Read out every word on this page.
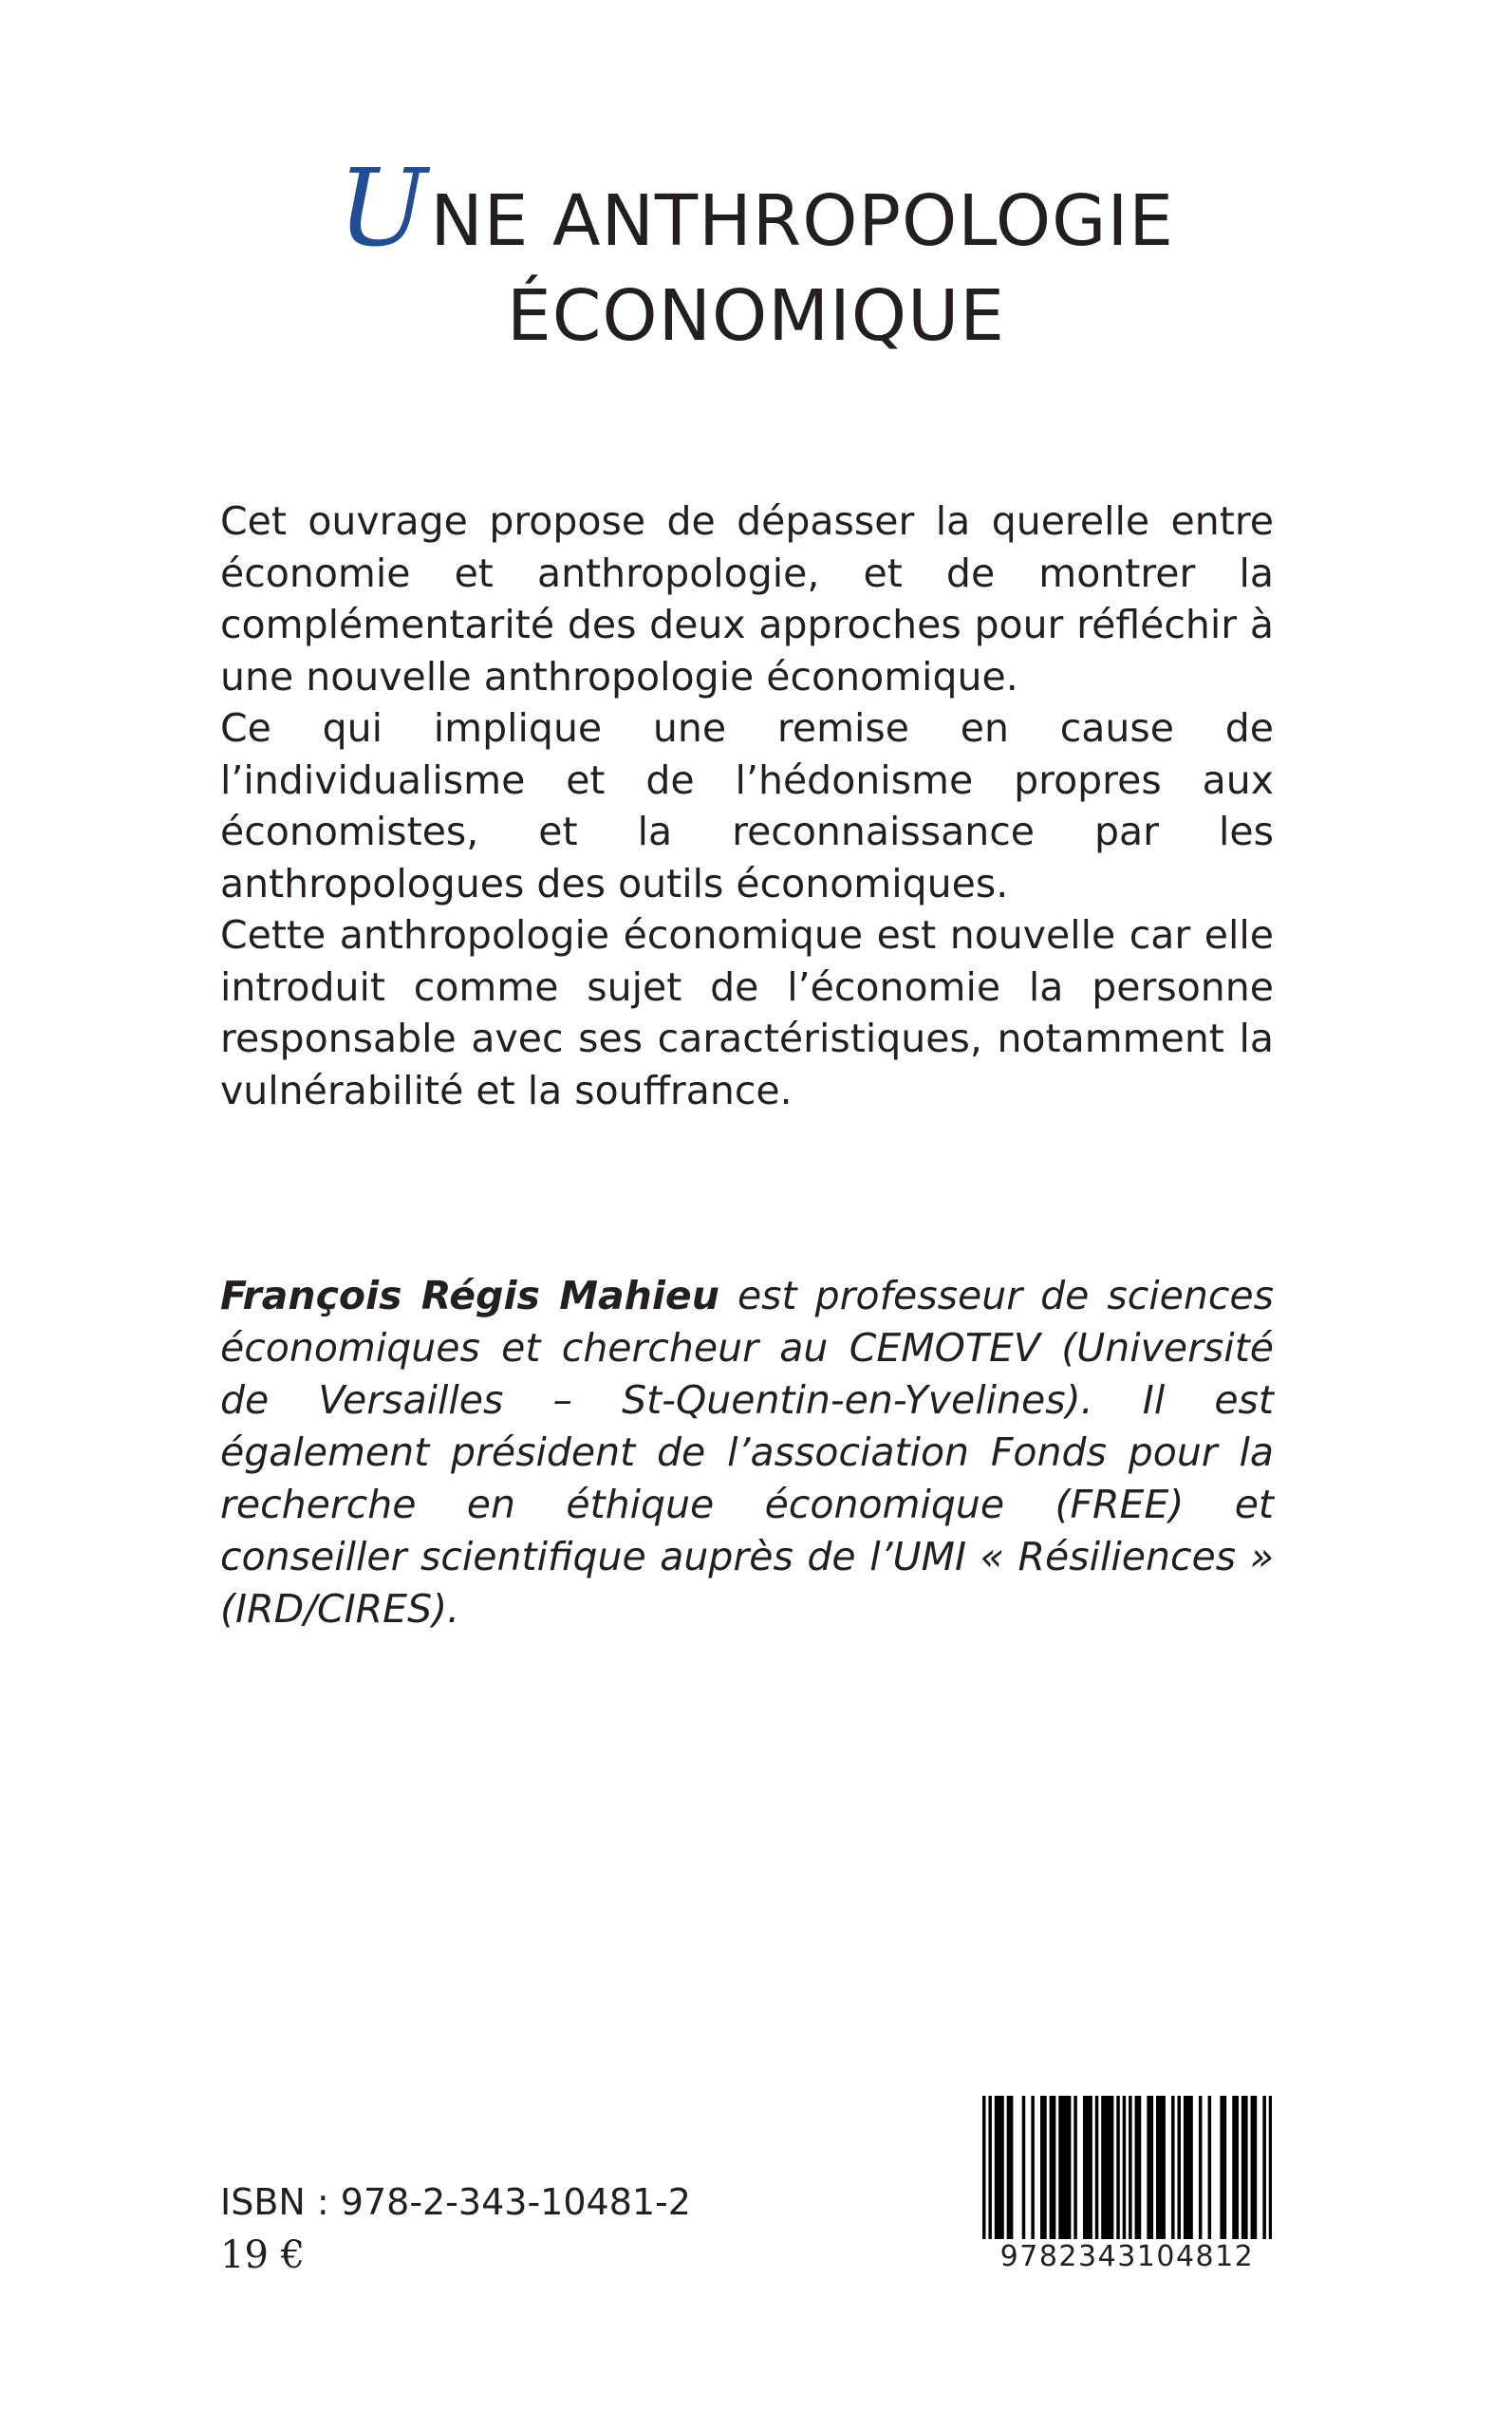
UNE ANTHROPOLOGIE
ÉCONOMIQUE

Cet ouvrage propose de dépasser la querelle entre économie et anthropologie, et de montrer la complémentarité des deux approches pour réfléchir à une nouvelle anthropologie économique.

Ce qui implique une remise en cause de l’individualisme et de l’hédonisme propres aux économistes, et la reconnaissance par les anthropologues des outils économiques.

Cette anthropologie économique est nouvelle car elle introduit comme sujet de l’économie la personne responsable avec ses caractéristiques, notamment la vulnérabilité et la souffrance.

François Régis Mahieu est professeur de sciences économiques et chercheur au CEMOTEV (Université de Versailles – St-Quentin-en-Yvelines). Il est également président de l’association Fonds pour la recherche en éthique économique (FREE) et conseiller scientifique auprès de l’UMI « Résiliences » (IRD/CIRES).
ISBN : 978-2-343-10481-2
19 €	9782343104812
